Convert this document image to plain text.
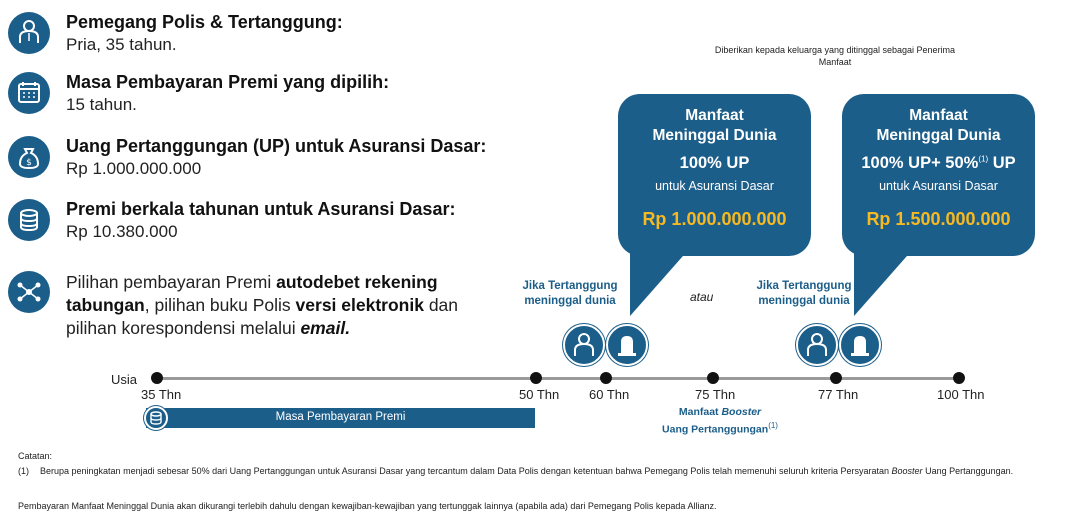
Pemegang Polis & Tertanggung:
Pria, 35 tahun.
Masa Pembayaran Premi yang dipilih:
15 tahun.
$
Uang Pertanggungan (UP) untuk Asuransi Dasar:
Rp 1.000.000.000
Premi berkala tahunan untuk Asuransi Dasar:
Rp 10.380.000
Pilihan pembayaran Premi autodebet rekening tabungan, pilihan buku Polis versi elektronik dan pilihan korespondensi melalui email.
Diberikan kepada keluarga yang ditinggal sebagai Penerima Manfaat
Manfaat Meninggal Dunia
100% UP
untuk Asuransi Dasar
Rp 1.000.000.000
Manfaat Meninggal Dunia
100% UP+ 50%$^{(1)}$ UP
untuk Asuransi Dasar
Rp 1.500.000.000
Jika Tertanggung meninggal dunia	atau
Jika Tertanggung meninggal dunia
Usia
35 Thn	50 Thn 60 Thn	75 Thn	77 Thn	100 Thn
Manfaat Booster
Uang Pertanggungan$^{(1)}$
Masa Pembayaran Premi
Catatan:
(1)	Berupa peningkatan menjadi sebesar 50% dari Uang Pertanggungan untuk Asuransi Dasar yang tercantum dalam Data Polis dengan ketentuan bahwa Pemegang Polis telah memenuhi seluruh kriteria Persyaratan Booster Uang Pertanggungan.
Pembayaran Manfaat Meninggal Dunia akan dikurangi terlebih dahulu dengan kewajiban-kewajiban yang tertunggak lainnya (apabila ada) dari Pemegang Polis kepada Allianz.
